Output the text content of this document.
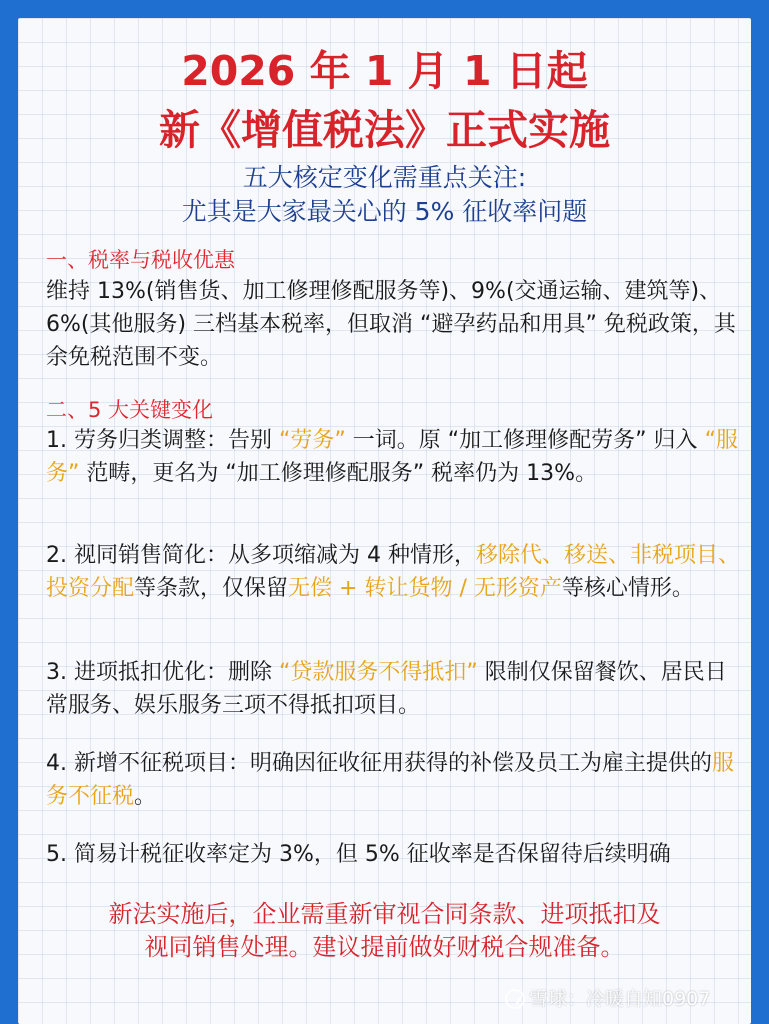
2026 年 1 月 1 日起
新《增值税法》正式实施
五大核定变化需重点关注:
尤其是大家最关心的 5% 征收率问题
一、税率与税收优惠
维持 13%(销售货、加工修理修配服务等)、9%(交通运输、建筑等)、6%(其他服务) 三档基本税率，但取消 “避孕药品和用具” 免税政策，其余免税范围不变。
二、5 大关键变化
1. 劳务归类调整：告别 “劳务” 一词。原 “加工修理修配劳务” 归入 “服务” 范畴，更名为 “加工修理修配服务” 税率仍为 13%。
2. 视同销售简化：从多项缩减为 4 种情形，移除代、移送、非税项目、投资分配等条款，仅保留无偿 + 转让货物 / 无形资产等核心情形。
3. 进项抵扣优化：删除 “贷款服务不得抵扣” 限制仅保留餐饮、居民日常服务、娱乐服务三项不得抵扣项目。
4. 新增不征税项目：明确因征收征用获得的补偿及员工为雇主提供的服务不征税。
5. 简易计税征收率定为 3%，但 5% 征收率是否保留待后续明确
新法实施后，企业需重新审视合同条款、进项抵扣及
视同销售处理。建议提前做好财税合规准备。
雪球：冷暖自知0907
